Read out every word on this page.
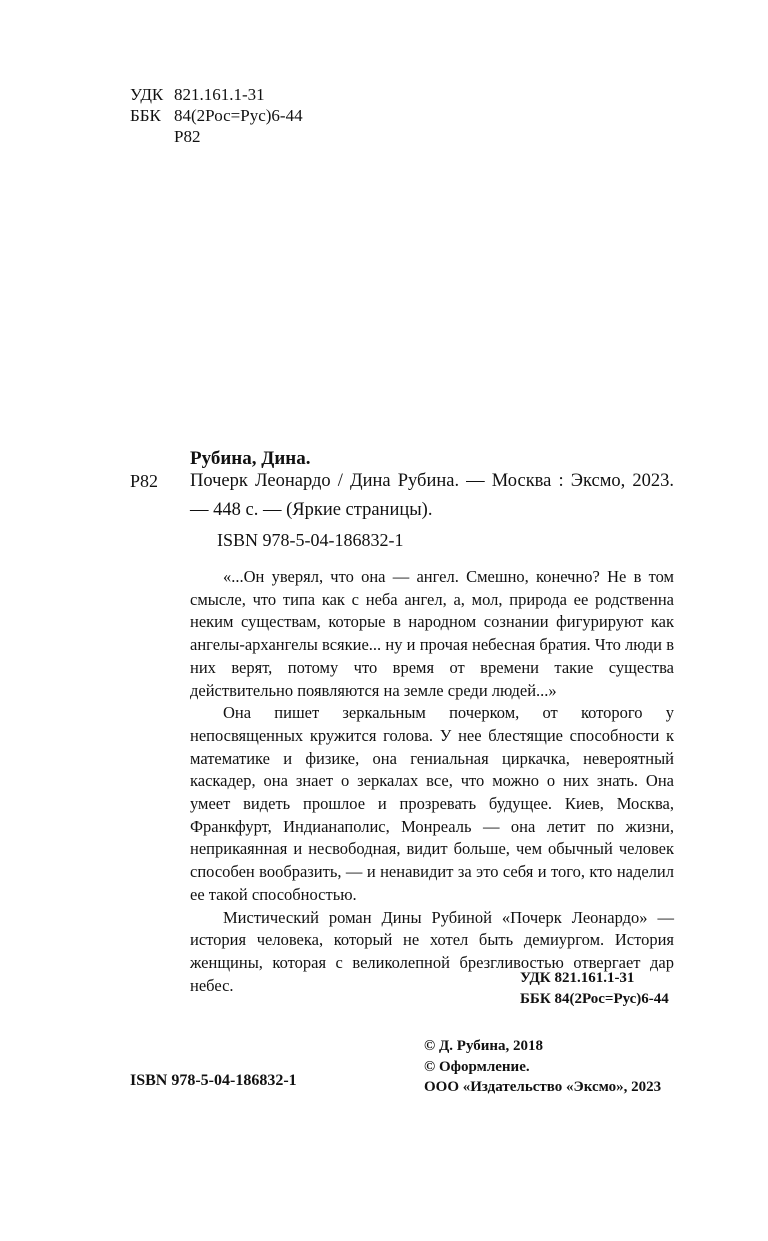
УДК 821.161.1-31
ББК 84(2Рос=Рус)6-44
Р82
Рубина, Дина.
Р82 Почерк Леонардо / Дина Рубина. — Москва : Эксмо, 2023. — 448 с. — (Яркие страницы).
ISBN 978-5-04-186832-1

«...Он уверял, что она — ангел. Смешно, конечно? Не в том смысле, что типа как с неба ангел, а, мол, природа ее родственна неким существам, которые в народном сознании фигурируют как ангелы-архангелы всякие... ну и прочая небесная братия. Что люди в них верят, потому что время от времени такие существа действительно появляются на земле среди людей...»

Она пишет зеркальным почерком, от которого у непосвященных кружится голова. У нее блестящие способности к математике и физике, она гениальная циркачка, невероятный каскадер, она знает о зеркалах все, что можно о них знать. Она умеет видеть прошлое и прозревать будущее. Киев, Москва, Франкфурт, Индианаполис, Монреаль — она летит по жизни, неприкаянная и несвободная, видит больше, чем обычный человек способен вообразить, — и ненавидит за это себя и того, кто наделил ее такой способностью.

Мистический роман Дины Рубиной «Почерк Леонардо» — история человека, который не хотел быть демиургом. История женщины, которая с великолепной брезгливостью отвергает дар небес.	УДК 821.161.1-31
ББК 84(2Рос=Рус)6-44
ISBN 978-5-04-186832-1
© Д. Рубина, 2018
© Оформление.
ООО «Издательство «Эксмо», 2023
